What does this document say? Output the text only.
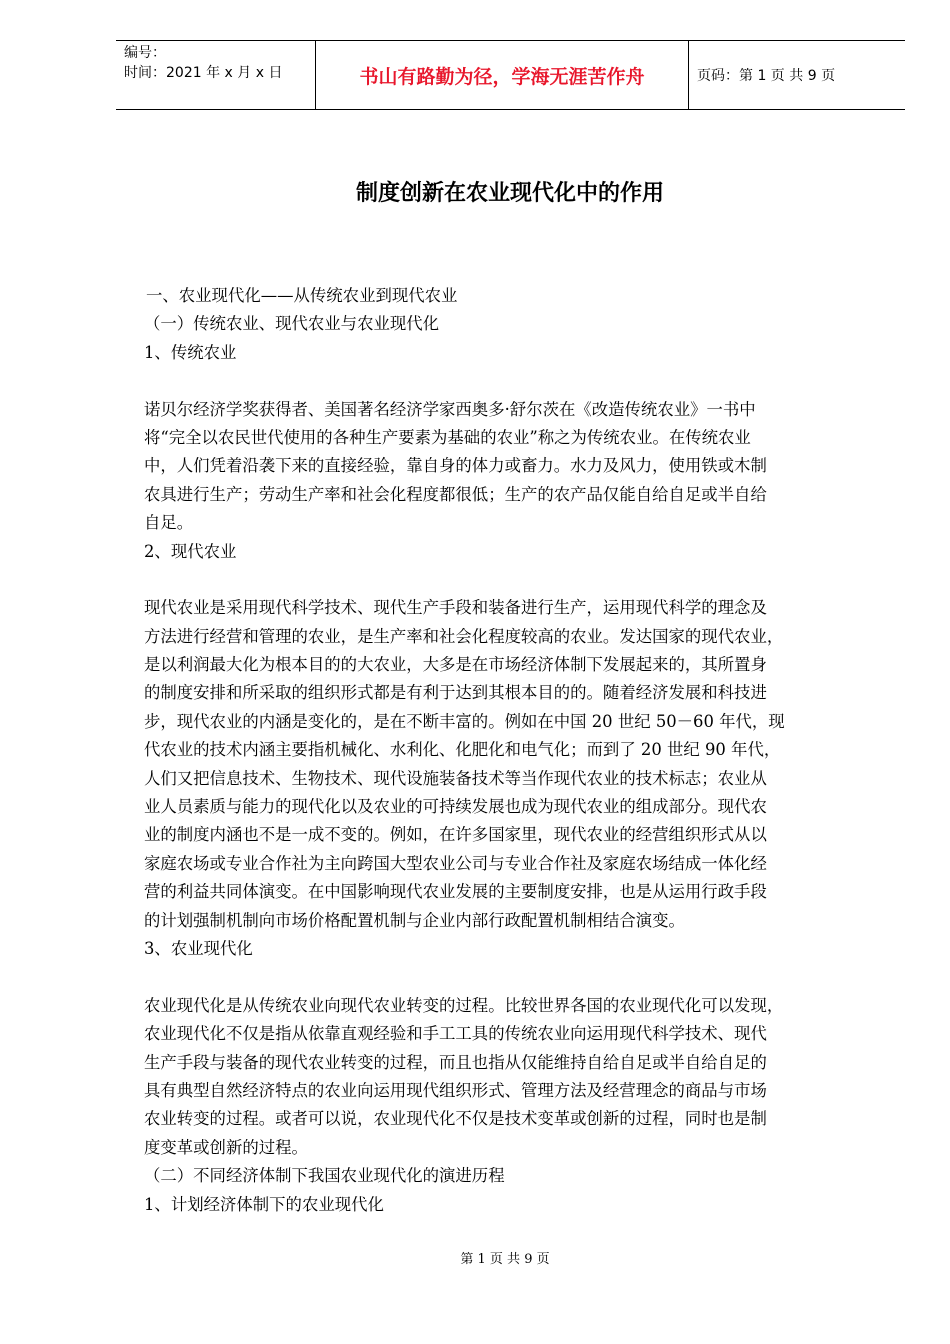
编号：
时间：2021 年 x 月 x 日	书山有路勤为径，学海无涯苦作舟	页码：第 1 页 共 9 页
制度创新在农业现代化中的作用
一、农业现代化——从传统农业到现代农业
（一）传统农业、现代农业与农业现代化
1、传统农业
诺贝尔经济学奖获得者、美国著名经济学家西奥多·舒尔茨在《改造传统农业》一书中
将“完全以农民世代使用的各种生产要素为基础的农业”称之为传统农业。在传统农业
中，人们凭着沿袭下来的直接经验，靠自身的体力或畜力。水力及风力，使用铁或木制
农具进行生产；劳动生产率和社会化程度都很低；生产的农产品仅能自给自足或半自给
自足。
2、现代农业
现代农业是采用现代科学技术、现代生产手段和装备进行生产，运用现代科学的理念及
方法进行经营和管理的农业，是生产率和社会化程度较高的农业。发达国家的现代农业，
是以利润最大化为根本目的的大农业，大多是在市场经济体制下发展起来的，其所置身
的制度安排和所采取的组织形式都是有利于达到其根本目的的。随着经济发展和科技进
步，现代农业的内涵是变化的，是在不断丰富的。例如在中国 20 世纪 50－60 年代，现
代农业的技术内涵主要指机械化、水利化、化肥化和电气化；而到了 20 世纪 90 年代，
人们又把信息技术、生物技术、现代设施装备技术等当作现代农业的技术标志；农业从
业人员素质与能力的现代化以及农业的可持续发展也成为现代农业的组成部分。现代农
业的制度内涵也不是一成不变的。例如，在许多国家里，现代农业的经营组织形式从以
家庭农场或专业合作社为主向跨国大型农业公司与专业合作社及家庭农场结成一体化经
营的利益共同体演变。在中国影响现代农业发展的主要制度安排，也是从运用行政手段
的计划强制机制向市场价格配置机制与企业内部行政配置机制相结合演变。
3、农业现代化
农业现代化是从传统农业向现代农业转变的过程。比较世界各国的农业现代化可以发现，
农业现代化不仅是指从依靠直观经验和手工工具的传统农业向运用现代科学技术、现代
生产手段与装备的现代农业转变的过程，而且也指从仅能维持自给自足或半自给自足的
具有典型自然经济特点的农业向运用现代组织形式、管理方法及经营理念的商品与市场
农业转变的过程。或者可以说，农业现代化不仅是技术变革或创新的过程，同时也是制
度变革或创新的过程。
（二）不同经济体制下我国农业现代化的演进历程
1、计划经济体制下的农业现代化
第 1 页 共 9 页
